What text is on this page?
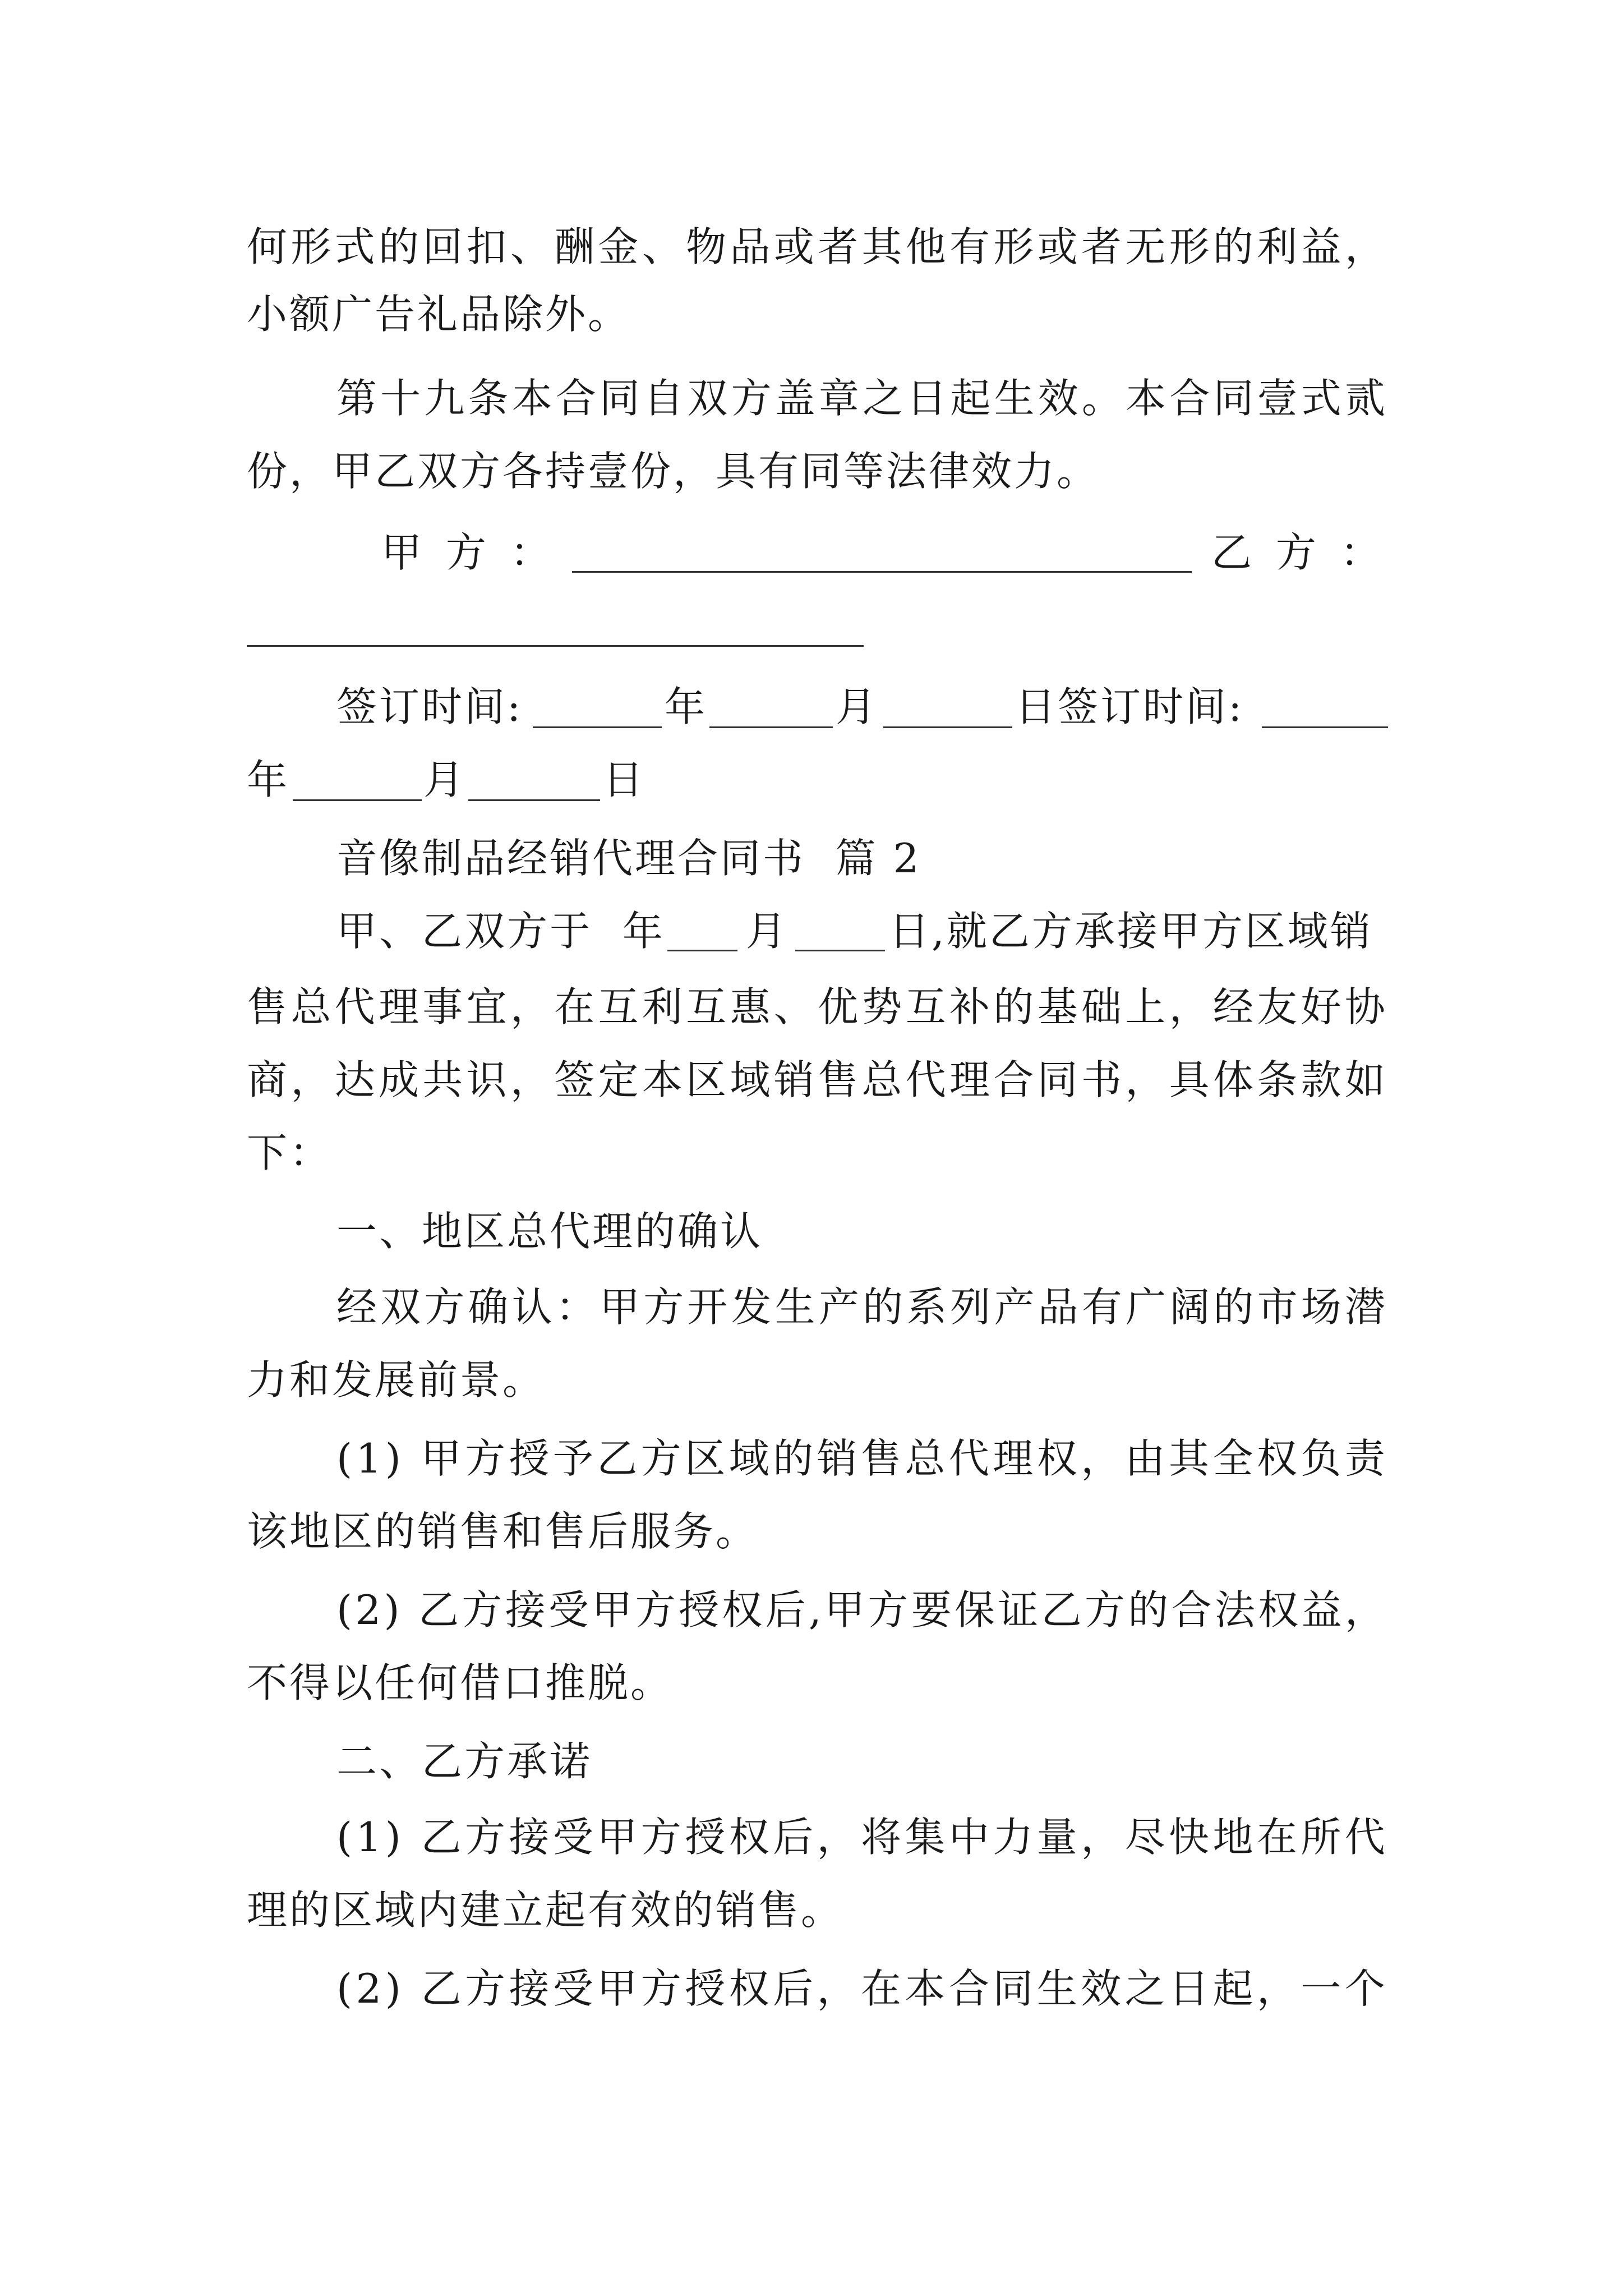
何 形 式 的 回 扣 、 酬 金 、 物 品 或 者 其 他 有 形 或 者 无 形 的 利 益 ，

小额广告礼品除外。

第 十 九 条 本 合 同 自 双 方 盖 章 之 日 起 生 效 。 本 合 同 壹 式 贰

份，甲乙双方各持壹份，具有同等法律效力。

甲 方 ：

	乙 方 ：

签订时间:

	年

	月

	日签订时间:

年

	月

	日

音像制品经销代理合同书  篇 2

甲、乙双方于  年

月

日,就乙方承接甲方区域销

售 总 代 理 事 宜 ， 在 互 利 互 惠 、 优 势 互 补 的 基 础 上 ， 经 友 好 协

商 ， 达 成 共 识 ， 签 定 本 区 域 销 售 总 代 理 合 同 书 ， 具 体 条 款 如

下：

一、地区总代理的确认

经 双 方 确 认 ： 甲 方 开 发 生 产 的 系 列 产 品 有 广 阔 的 市 场 潜

力和发展前景。

( 1 )
甲 方 授 予 乙 方 区 域 的 销 售 总 代 理 权 ， 由 其 全 权 负 责

该地区的销售和售后服务。

( 2 )
乙 方 接 受 甲 方 授 权 后 , 甲 方 要 保 证 乙 方 的 合 法 权 益 ，

不得以任何借口推脱。

二、乙方承诺

( 1 )
乙 方 接 受 甲 方 授 权 后 ， 将 集 中 力 量 ， 尽 快 地 在 所 代

理的区域内建立起有效的销售。

( 2 )
乙 方 接 受 甲 方 授 权 后 ， 在 本 合 同 生 效 之 日 起 ， 一 个
